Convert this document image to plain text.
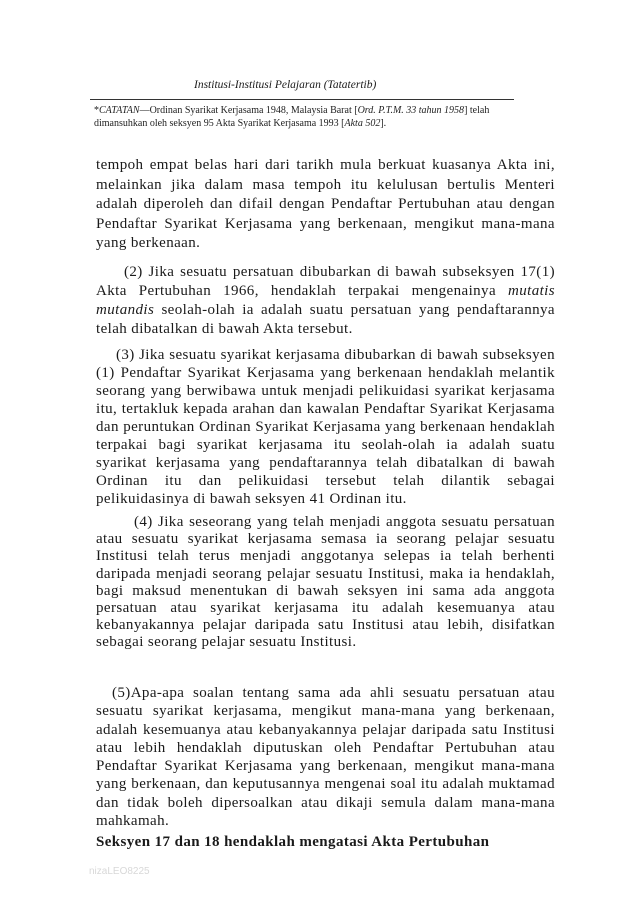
Institusi-Institusi Pelajaran (Tatatertib)
*CATATAN—Ordinan Syarikat Kerjasama 1948, Malaysia Barat [Ord. P.T.M. 33 tahun 1958] telah dimansuhkan oleh seksyen 95 Akta Syarikat Kerjasama 1993 [Akta 502].
tempoh empat belas hari dari tarikh mula berkuat kuasanya Akta ini, melainkan jika dalam masa tempoh itu kelulusan bertulis Menteri adalah diperoleh dan difail dengan Pendaftar Pertubuhan atau dengan Pendaftar Syarikat Kerjasama yang berkenaan, mengikut mana-mana yang berkenaan.
(2) Jika sesuatu persatuan dibubarkan di bawah subseksyen 17(1) Akta Pertubuhan 1966, hendaklah terpakai mengenainya mutatis mutandis seolah-olah ia adalah suatu persatuan yang pendaftarannya telah dibatalkan di bawah Akta tersebut.
(3) Jika sesuatu syarikat kerjasama dibubarkan di bawah subseksyen (1) Pendaftar Syarikat Kerjasama yang berkenaan hendaklah melantik seorang yang berwibawa untuk menjadi pelikuidasi syarikat kerjasama itu, tertakluk kepada arahan dan kawalan Pendaftar Syarikat Kerjasama dan peruntukan Ordinan Syarikat Kerjasama yang berkenaan hendaklah terpakai bagi syarikat kerjasama itu seolah-olah ia adalah suatu syarikat kerjasama yang pendaftarannya telah dibatalkan di bawah Ordinan itu dan pelikuidasi tersebut telah dilantik sebagai pelikuidasinya di bawah seksyen 41 Ordinan itu.
(4) Jika seseorang yang telah menjadi anggota sesuatu persatuan atau sesuatu syarikat kerjasama semasa ia seorang pelajar sesuatu Institusi telah terus menjadi anggotanya selepas ia telah berhenti daripada menjadi seorang pelajar sesuatu Institusi, maka ia hendaklah, bagi maksud menentukan di bawah seksyen ini sama ada anggota persatuan atau syarikat kerjasama itu adalah kesemuanya atau kebanyakannya pelajar daripada satu Institusi atau lebih, disifatkan sebagai seorang pelajar sesuatu Institusi.
(5)Apa-apa soalan tentang sama ada ahli sesuatu persatuan atau sesuatu syarikat kerjasama, mengikut mana-mana yang berkenaan, adalah kesemuanya atau kebanyakannya pelajar daripada satu Institusi atau lebih hendaklah diputuskan oleh Pendaftar Pertubuhan atau Pendaftar Syarikat Kerjasama yang berkenaan, mengikut mana-mana yang berkenaan, dan keputusannya mengenai soal itu adalah muktamad dan tidak boleh dipersoalkan atau dikaji semula dalam mana-mana mahkamah.
Seksyen 17 dan 18 hendaklah mengatasi Akta Pertubuhan
nizaLEO8225
